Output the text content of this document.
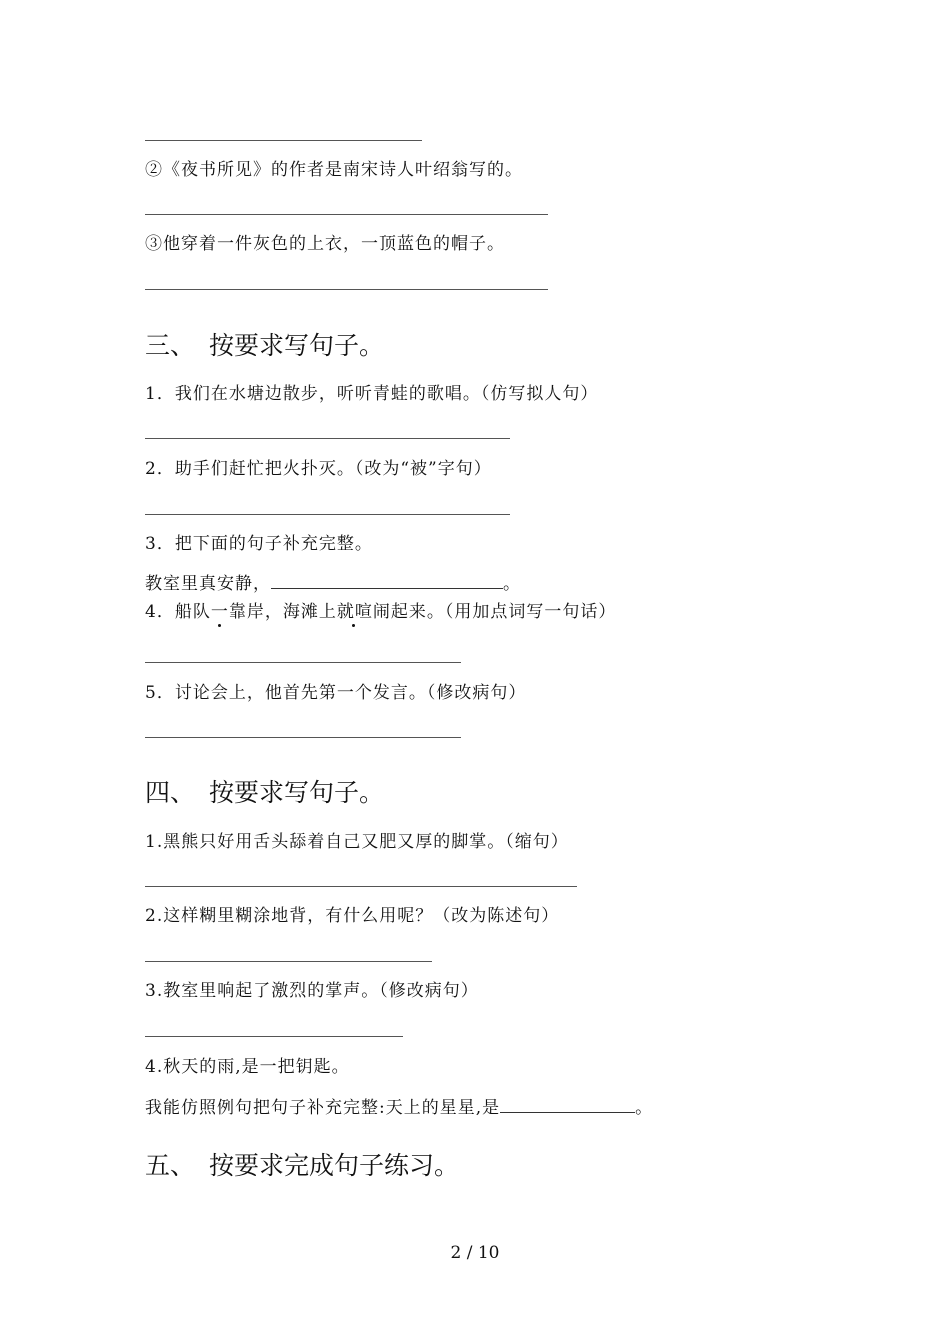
②《夜书所见》的作者是南宋诗人叶绍翁写的。
③他穿着一件灰色的上衣，一顶蓝色的帽子。
三、 按要求写句子。
1．我们在水塘边散步，听听青蛙的歌唱。（仿写拟人句）
2．助手们赶忙把火扑灭。（改为“被”字句）
3．把下面的句子补充完整。
教室里真安静，	。
4．船队一靠岸，海滩上就喧闹起来。（用加点词写一句话）
5．讨论会上，他首先第一个发言。（修改病句）
四、 按要求写句子。
1.黑熊只好用舌头舔着自己又肥又厚的脚掌。（缩句）
2.这样糊里糊涂地背，有什么用呢？（改为陈述句）
3.教室里响起了激烈的掌声。（修改病句）
4.秋天的雨,是一把钥匙。
我能仿照例句把句子补充完整:天上的星星,是	。
五、 按要求完成句子练习。
2 / 10
